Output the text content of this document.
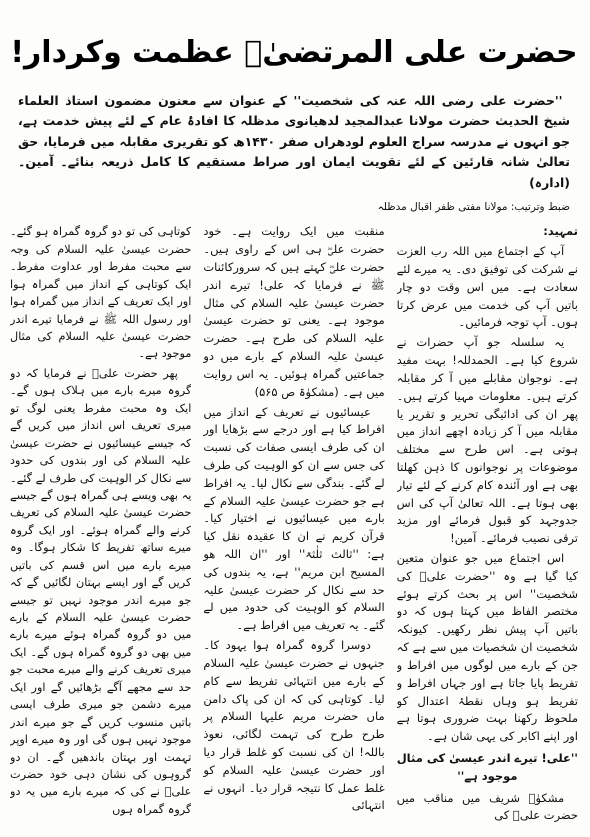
حضرت علی المرتضیٰؓ عظمت وکردار!

''حضرت علی رضی اللہ عنہ کی شخصیت'' کے عنوان سے معنون مضمون استاذ العلماء شیخ الحدیث حضرت مولانا عبدالمجید لدھیانوی مدظلہ کا افادۂ عام کے لئے پیش خدمت ہے، جو انہوں نے مدرسہ سراج العلوم لودھراں صفر ۱۴۳۰ھ کو تقریری مقابلہ میں فرمایا، حق تعالیٰ شانہ قارئین کے لئے تقویت ایمان اور صراط مستقیم کا کامل ذریعہ بنائے۔ آمین۔ (ادارہ)

ضبط وترتیب: مولانا مفتی ظفر اقبال مدظلہ

تمہید:

آپ کے اجتماع میں اللہ رب العزت نے شرکت کی توفیق دی۔ یہ میرے لئے سعادت ہے۔ میں اس وقت دو چار باتیں آپ کی خدمت میں عرض کرتا ہوں۔ آپ توجہ فرمائیں۔

یہ سلسلہ جو آپ حضرات نے شروع کیا ہے۔ الحمدللہ! بہت مفید ہے۔ نوجوان مقابلے میں آ کر مقابلہ کرتے ہیں۔ معلومات مہیا کرتے ہیں۔ پھر ان کی ادائیگی تحریر و تقریر یا مقابلہ میں آ کر زیادہ اچھے انداز میں ہوتی ہے۔ اس طرح سے مختلف موضوعات پر نوجوانوں کا ذہن کھلتا بھی ہے اور آئندہ کام کرنے کے لئے تیار بھی ہوتا ہے۔ اللہ تعالیٰ آپ کی اس جدوجہد کو قبول فرمائے اور مزید ترقی نصیب فرمائے۔ آمین!

اس اجتماع میں جو عنوان متعین کیا گیا ہے وہ ''حضرت علیؓ کی شخصیت'' اس پر بحث کرتے ہوئے مختصر الفاظ میں کہتا ہوں کہ دو باتیں آپ پیش نظر رکھیں۔ کیونکہ شخصیت ان شخصیات میں سے ہے کہ جن کے بارے میں لوگوں میں افراط و تفریط پایا جاتا ہے اور جہاں افراط و تفریط ہو وہاں نقطۂ اعتدال کو ملحوظ رکھنا بہت ضروری ہوتا ہے اور اپنے اکابر کی یہی شان ہے۔

''علی! تیرے اندر عیسیٰ کی مثال موجود ہے''

مشکوٰۃ شریف میں مناقب میں حضرت علیؓ کی

منقبت میں ایک روایت ہے۔ خود حضرت علیؓ ہی اس کے راوی ہیں۔ حضرت علیؓ کہتے ہیں کہ سرورکائنات ﷺ نے فرمایا کہ علی! تیرے اندر حضرت عیسیٰ علیہ السلام کی مثال موجود ہے۔ یعنی تو حضرت عیسیٰ علیہ السلام کی طرح ہے۔ حضرت عیسیٰ علیہ السلام کے بارے میں دو جماعتیں گمراہ ہوئیں۔ یہ اس روایت میں ہے۔ (مشکوٰۃ ص ۵۶۵)

عیسائیوں نے تعریف کے انداز میں افراط کیا ہے اور درجے سے بڑھایا اور ان کی طرف ایسی صفات کی نسبت کی جس سے ان کو الوہیت کی طرف لے گئے۔ بندگی سے نکال لیا۔ یہ افراط ہے جو حضرت عیسیٰ علیہ السلام کے بارے میں عیسائیوں نے اختیار کیا۔ قرآن کریم نے ان کا عقیدہ نقل کیا ہے: ''ثالث ثلٰثۃ'' اور ''ان اللہ ھو المسیح ابن مریم'' ہے، یہ بندوں کی حد سے نکال کر حضرت عیسیٰ علیہ السلام کو الوہیت کی حدود میں لے گئے۔ یہ تعریف میں افراط ہے۔

دوسرا گروہ گمراہ ہوا یہود کا۔ جنہوں نے حضرت عیسیٰ علیہ السلام کے بارے میں انتہائی تفریط سے کام لیا۔ کوتاہی کی کہ ان کی پاک دامن ماں حضرت مریم علیہا السلام پر طرح طرح کی تہمت لگائی، نعوذ باللہ! ان کی نسبت کو غلط قرار دیا اور حضرت عیسیٰ علیہ السلام کو غلط عمل کا نتیجہ قرار دیا۔ انہوں نے انتہائی

کوتاہی کی تو دو گروہ گمراہ ہو گئے۔ حضرت عیسیٰ علیہ السلام کی وجہ سے محبت مفرط اور عداوت مفرط۔ ایک کوتاہی کے انداز میں گمراہ ہوا اور ایک تعریف کے انداز میں گمراہ ہوا اور رسول اللہ ﷺ نے فرمایا تیرے اندر حضرت عیسیٰ علیہ السلام کی مثال موجود ہے۔

پھر حضرت علیؓ نے فرمایا کہ دو گروہ میرے بارے میں ہلاک ہوں گے۔ ایک وہ محبت مفرط یعنی لوگ تو میری تعریف اس انداز میں کریں گے کہ جیسے عیسائیوں نے حضرت عیسیٰ علیہ السلام کی اور بندوں کی حدود سے نکال کر الوہیت کی طرف لے گئے۔ یہ بھی ویسے ہی گمراہ ہوں گے جیسے حضرت عیسیٰ علیہ السلام کی تعریف کرنے والے گمراہ ہوئے۔ اور ایک گروہ میرے ساتھ تفریط کا شکار ہوگا۔ وہ میرے بارے میں اس قسم کی باتیں کریں گے اور ایسے بہتان لگائیں گے کہ جو میرے اندر موجود نہیں تو جیسے حضرت عیسیٰ علیہ السلام کے بارے میں دو گروہ گمراہ ہوئے میرے بارے میں بھی دو گروہ گمراہ ہوں گے۔ ایک میری تعریف کرنے والے میرے محبت جو حد سے مجھے آگے بڑھائیں گے اور ایک میرے دشمن جو میری طرف ایسی باتیں منسوب کریں گے جو میرے اندر موجود نہیں ہوں گی اور وہ میرے اوپر تہمت اور بہتان باندھیں گے۔ ان دو گروہوں کی نشان دہی خود حضرت علیؓ نے کی کہ میرے بارے میں یہ دو گروہ گمراہ ہوں
